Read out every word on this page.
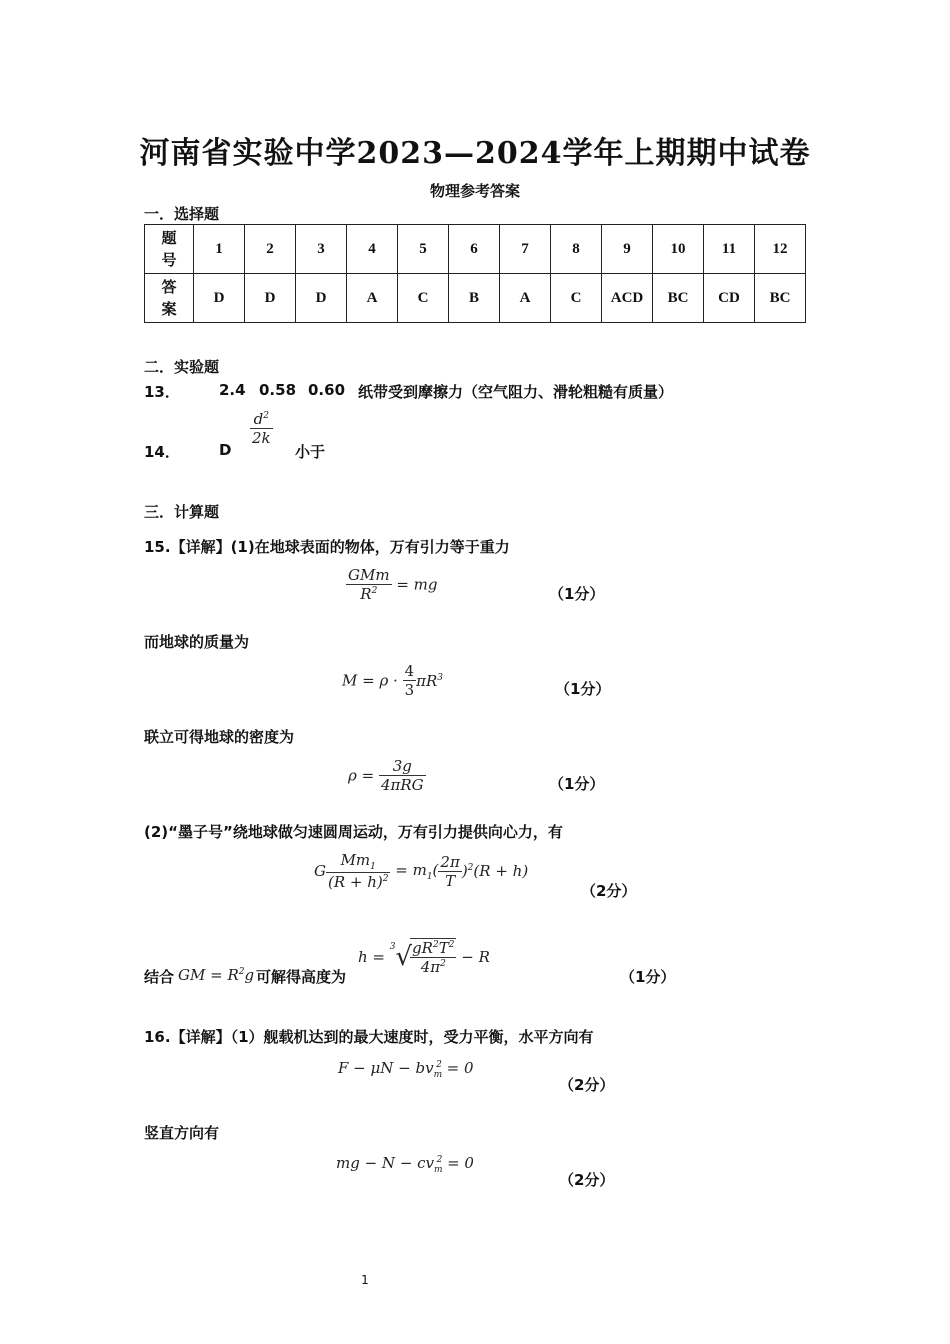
河南省实验中学2023—2024学年上期期中试卷
物理参考答案
一．选择题
题
号	1	2	3	4	5	6	7	8	9	10	11	12
答
案	D	D	D	A	C	B	A	C	ACD	BC	CD	BC
二．实验题
13．	2.4 0.58 0.60 纸带受到摩擦力（空气阻力、滑轮粗糙有质量）
14．	D
$\frac{d^2}{2k}$
小于
三．计算题
15.【详解】(1)在地球表面的物体，万有引力等于重力
$\frac{\text{GMm}}{R^2}$ = mg
（1分）
而地球的质量为
$M = \rho \cdot \frac{4}{3} \pi R^3$
（1分）
联立可得地球的密度为
$\rho = \frac{3g}{\text{4πRG}}$	（1分）
(2)“墨子号”绕地球做匀速圆周运动，万有引力提供向心力，有
G $\frac{Mm_1}{(R + h)^2} = m_1( \frac{2\pi}{T} )^2(R + h)$
（2分）
结合 GM = $R^2g$ 可解得高度为
h = $^3$√
$\frac{gR^2T^2}{4\pi^2} - R$
（1分）
16.【详解】（1）舰载机达到的最大速度时，受力平衡，水平方向有
$F - \mu N - bv_m^2 = 0$
（2分）
竖直方向有
mg − $N - cv_m^2 = 0$
（2分）
1
